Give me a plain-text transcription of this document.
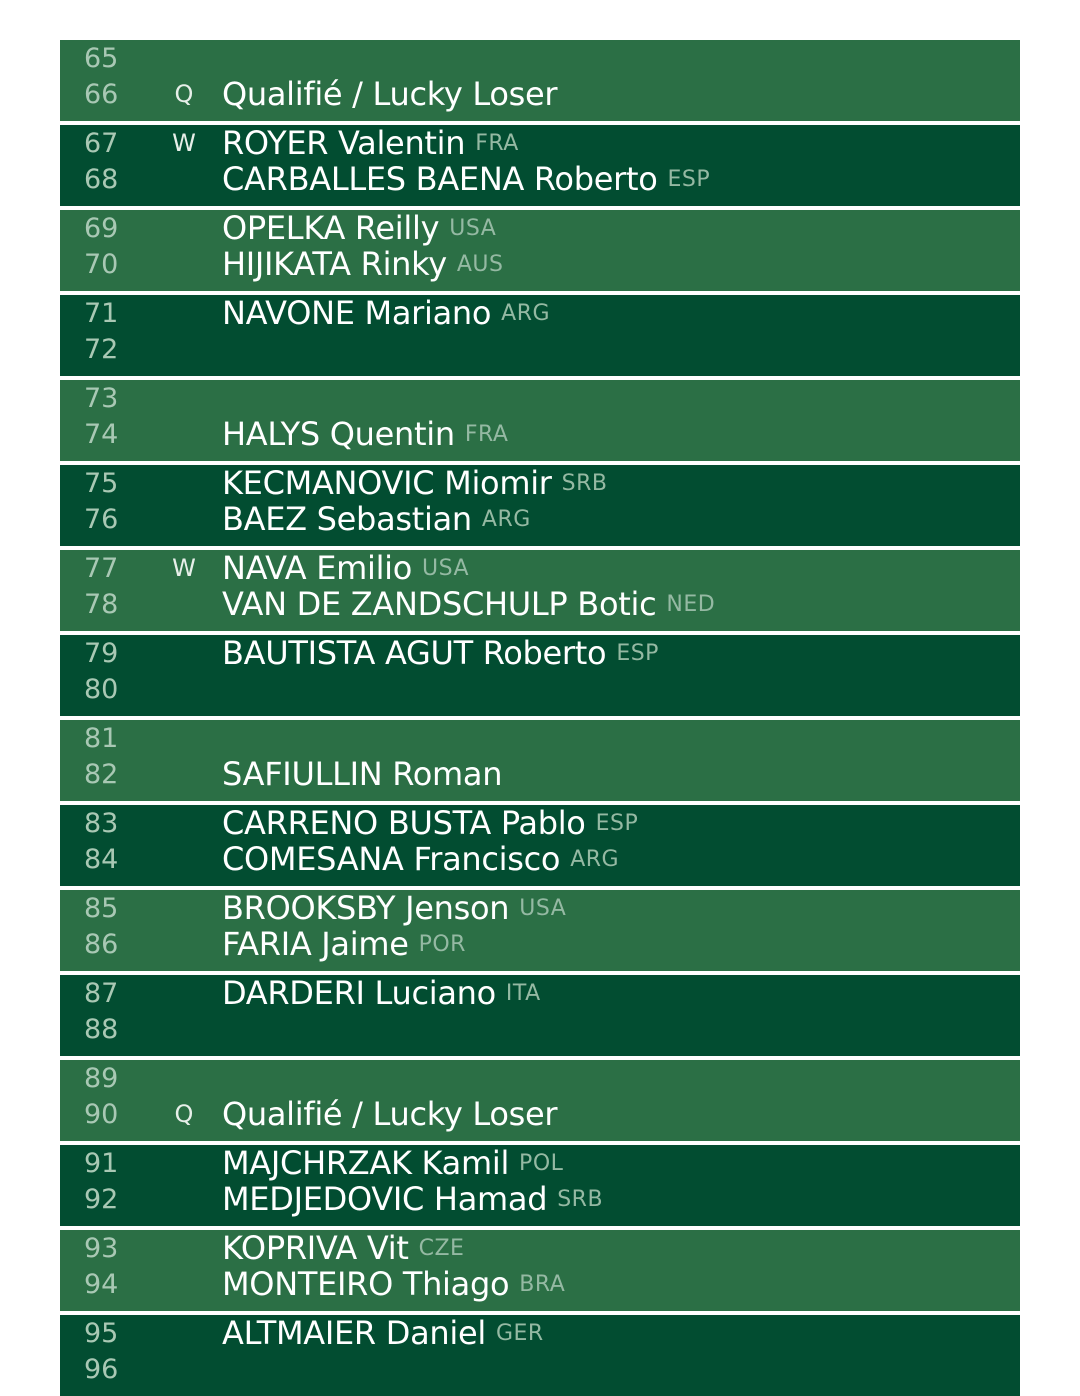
65
66	Q Qualifié / Lucky Loser
67	W ROYER Valentin FRA
68	CARBALLES BAENA Roberto ESP
69	OPELKA Reilly USA
70	HIJIKATA Rinky AUS
71	NAVONE Mariano ARG
72
73
74	HALYS Quentin FRA
75	KECMANOVIC Miomir SRB
76	BAEZ Sebastian ARG
77	W NAVA Emilio USA
78	VAN DE ZANDSCHULP Botic NED
79	BAUTISTA AGUT Roberto ESP
80
81
82	SAFIULLIN Roman
83	CARRENO BUSTA Pablo ESP
84	COMESANA Francisco ARG
85	BROOKSBY Jenson USA
86	FARIA Jaime POR
87	DARDERI Luciano ITA
88
89
90	Q Qualifié / Lucky Loser
91	MAJCHRZAK Kamil POL
92	MEDJEDOVIC Hamad SRB
93	KOPRIVA Vit CZE
94	MONTEIRO Thiago BRA
95	ALTMAIER Daniel GER
96
